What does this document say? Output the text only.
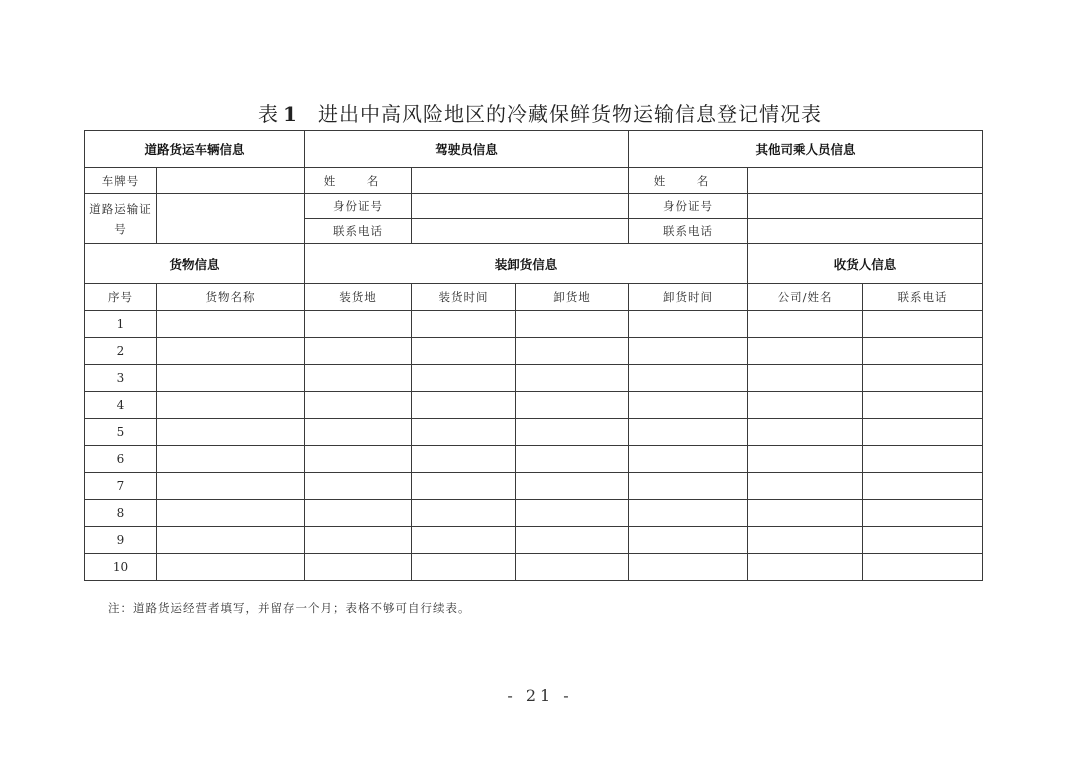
表 1 进出中高风险地区的冷藏保鲜货物运输信息登记情况表
道路货运车辆信息		驾驶员信息			其他司乘人员信息		
车牌号		姓 名			姓 名		
道路运输证号		身份证号			身份证号		
		联系电话			联系电话		
货物信息		装卸货信息				收货人信息	
序号	货物名称	装货地	装货时间	卸货地	卸货时间	公司/姓名	联系电话
1							
2							
3							
4							
5							
6							
7							
8							
9							
10							
注：道路货运经营者填写，并留存一个月；表格不够可自行续表。
- 21 -
